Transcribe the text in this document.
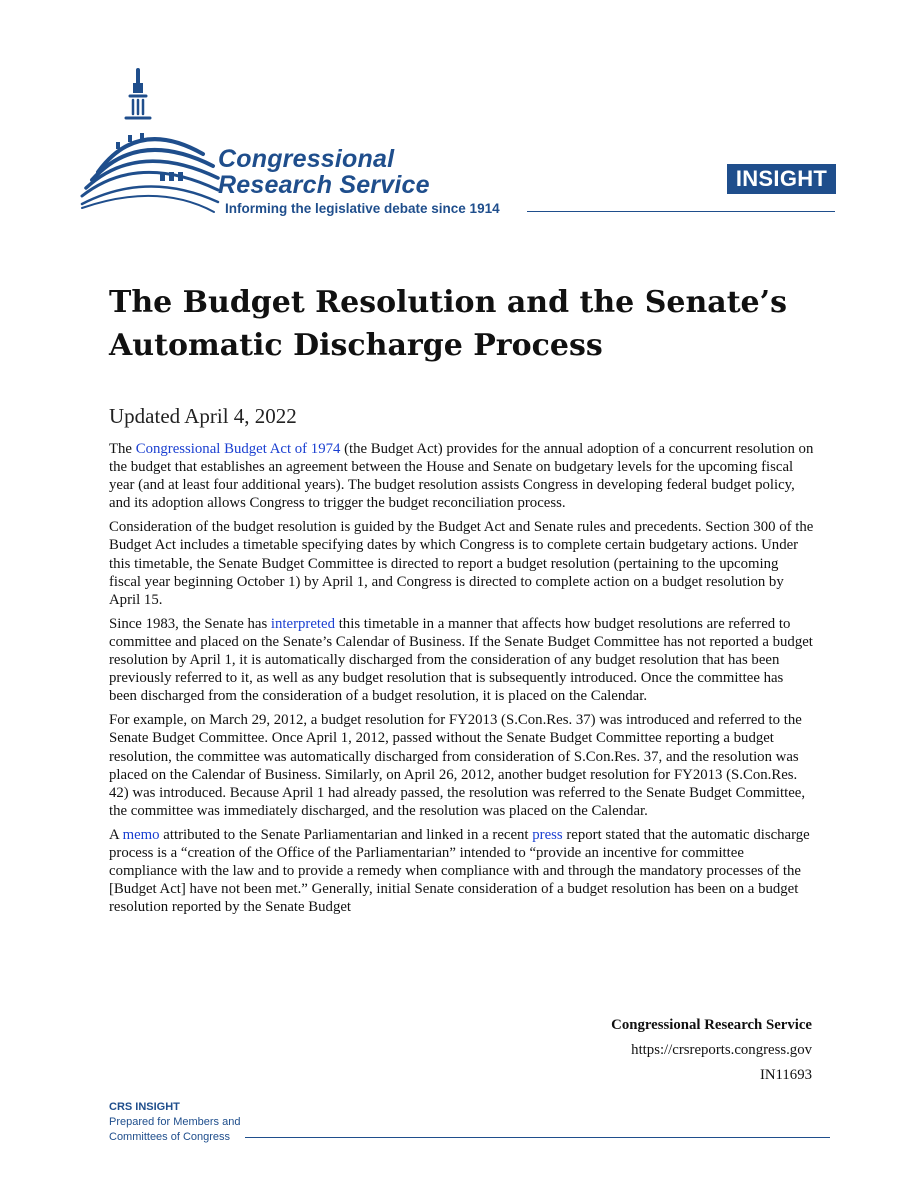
Congressional
Research Service
Informing the legislative debate since 1914
INSIGHT
The Budget Resolution and the Senate’s Automatic Discharge Process
Updated April 4, 2022

The Congressional Budget Act of 1974 (the Budget Act) provides for the annual adoption of a concurrent resolution on the budget that establishes an agreement between the House and Senate on budgetary levels for the upcoming fiscal year (and at least four additional years). The budget resolution assists Congress in developing federal budget policy, and its adoption allows Congress to trigger the budget reconciliation process.

Consideration of the budget resolution is guided by the Budget Act and Senate rules and precedents. Section 300 of the Budget Act includes a timetable specifying dates by which Congress is to complete certain budgetary actions. Under this timetable, the Senate Budget Committee is directed to report a budget resolution (pertaining to the upcoming fiscal year beginning October 1) by April 1, and Congress is directed to complete action on a budget resolution by April 15.

Since 1983, the Senate has interpreted this timetable in a manner that affects how budget resolutions are referred to committee and placed on the Senate’s Calendar of Business. If the Senate Budget Committee has not reported a budget resolution by April 1, it is automatically discharged from the consideration of any budget resolution that has been previously referred to it, as well as any budget resolution that is subsequently introduced. Once the committee has been discharged from the consideration of a budget resolution, it is placed on the Calendar.

For example, on March 29, 2012, a budget resolution for FY2013 (S.Con.Res. 37) was introduced and referred to the Senate Budget Committee. Once April 1, 2012, passed without the Senate Budget Committee reporting a budget resolution, the committee was automatically discharged from consideration of S.Con.Res. 37, and the resolution was placed on the Calendar of Business. Similarly, on April 26, 2012, another budget resolution for FY2013 (S.Con.Res. 42) was introduced. Because April 1 had already passed, the resolution was referred to the Senate Budget Committee, the committee was immediately discharged, and the resolution was placed on the Calendar.

A memo attributed to the Senate Parliamentarian and linked in a recent press report stated that the automatic discharge process is a “creation of the Office of the Parliamentarian” intended to “provide an incentive for committee compliance with the law and to provide a remedy when compliance with and through the mandatory processes of the [Budget Act] have not been met.” Generally, initial Senate consideration of a budget resolution has been on a budget resolution reported by the Senate Budget

Congressional Research Service
https://crsreports.congress.gov
IN11693
CRS INSIGHT
Prepared for Members and
Committees of Congress
